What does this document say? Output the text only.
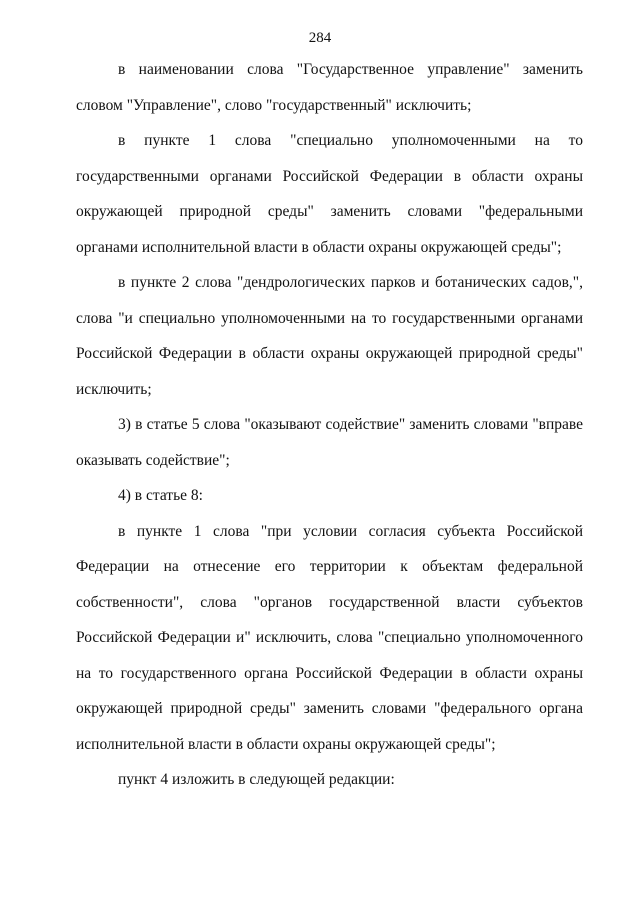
284

в наименовании слова "Государственное управление" заменить словом "Управление", слово "государственный" исключить;

в пункте 1 слова "специально уполномоченными на то государственными органами Российской Федерации в области охраны окружающей природной среды" заменить словами "федеральными органами исполнительной власти в области охраны окружающей среды";

в пункте 2 слова "дендрологических парков и ботанических садов,", слова "и специально уполномоченными на то государственными органами Российской Федерации в области охраны окружающей природной среды" исключить;

3) в статье 5 слова "оказывают содействие" заменить словами "вправе оказывать содействие";

4) в статье 8:

в пункте 1 слова "при условии согласия субъекта Российской Федерации на отнесение его территории к объектам федеральной собственности", слова "органов государственной власти субъектов Российской Федерации и" исключить, слова "специально уполномоченного на то государственного органа Российской Федерации в области охраны окружающей природной среды" заменить словами "федерального органа исполнительной власти в области охраны окружающей среды";

пункт 4 изложить в следующей редакции:
